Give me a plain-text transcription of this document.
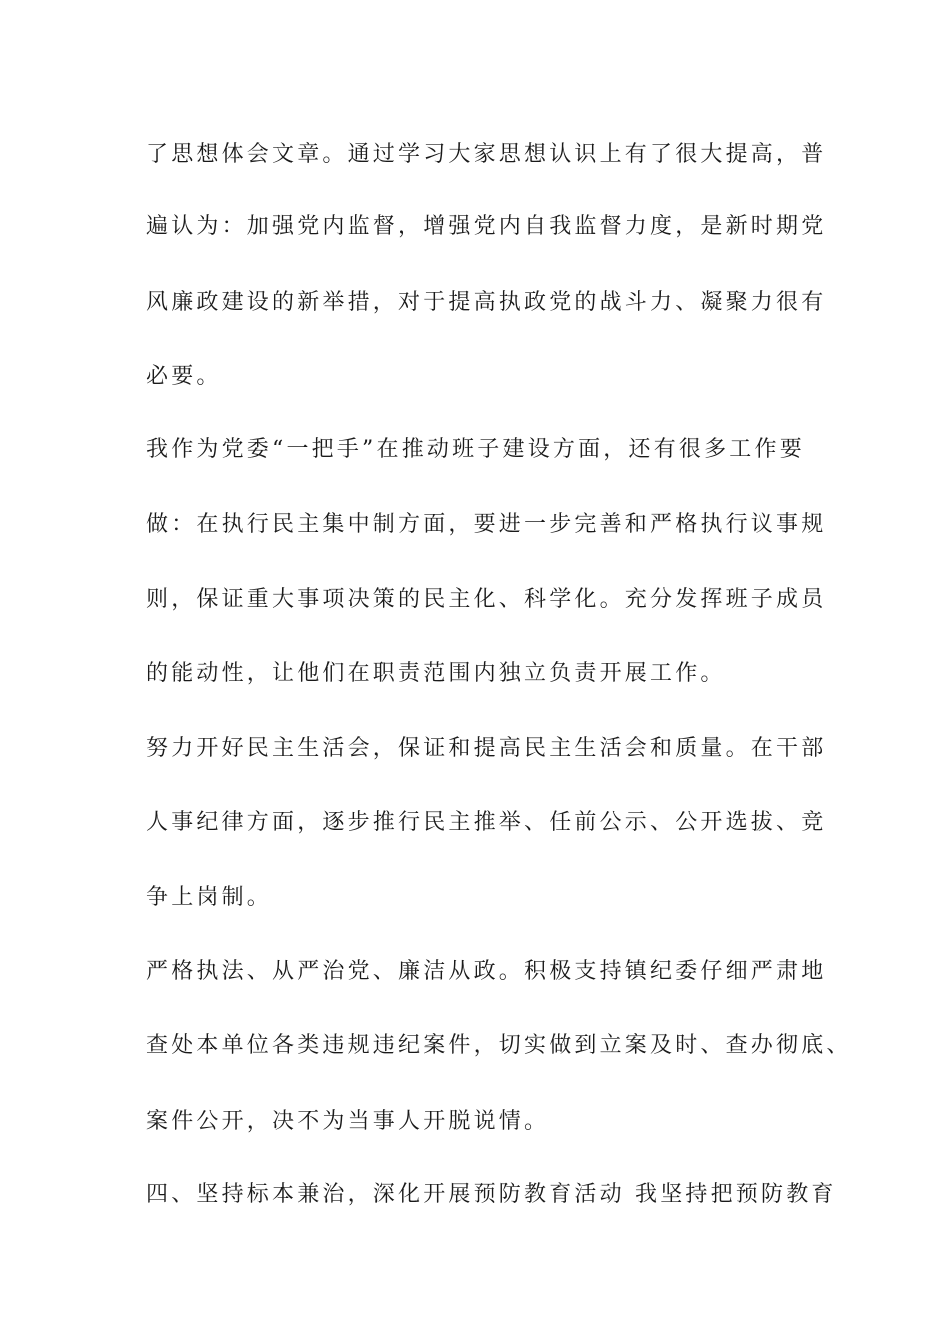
了思想体会文章。通过学习大家思想认识上有了很大提高，普

遍认为：加强党内监督，增强党内自我监督力度，是新时期党

风廉政建设的新举措，对于提高执政党的战斗力、凝聚力很有

必要。

我作为党委“一把手”在推动班子建设方面，还有很多工作要

做：在执行民主集中制方面，要进一步完善和严格执行议事规

则，保证重大事项决策的民主化、科学化。充分发挥班子成员

的能动性，让他们在职责范围内独立负责开展工作。

努力开好民主生活会，保证和提高民主生活会和质量。在干部

人事纪律方面，逐步推行民主推举、任前公示、公开选拔、竞

争上岗制。

严格执法、从严治党、廉洁从政。积极支持镇纪委仔细严肃地

查处本单位各类违规违纪案件，切实做到立案及时、查办彻底、

案件公开，决不为当事人开脱说情。

四、坚持标本兼治，深化开展预防教育活动 我坚持把预防教育
